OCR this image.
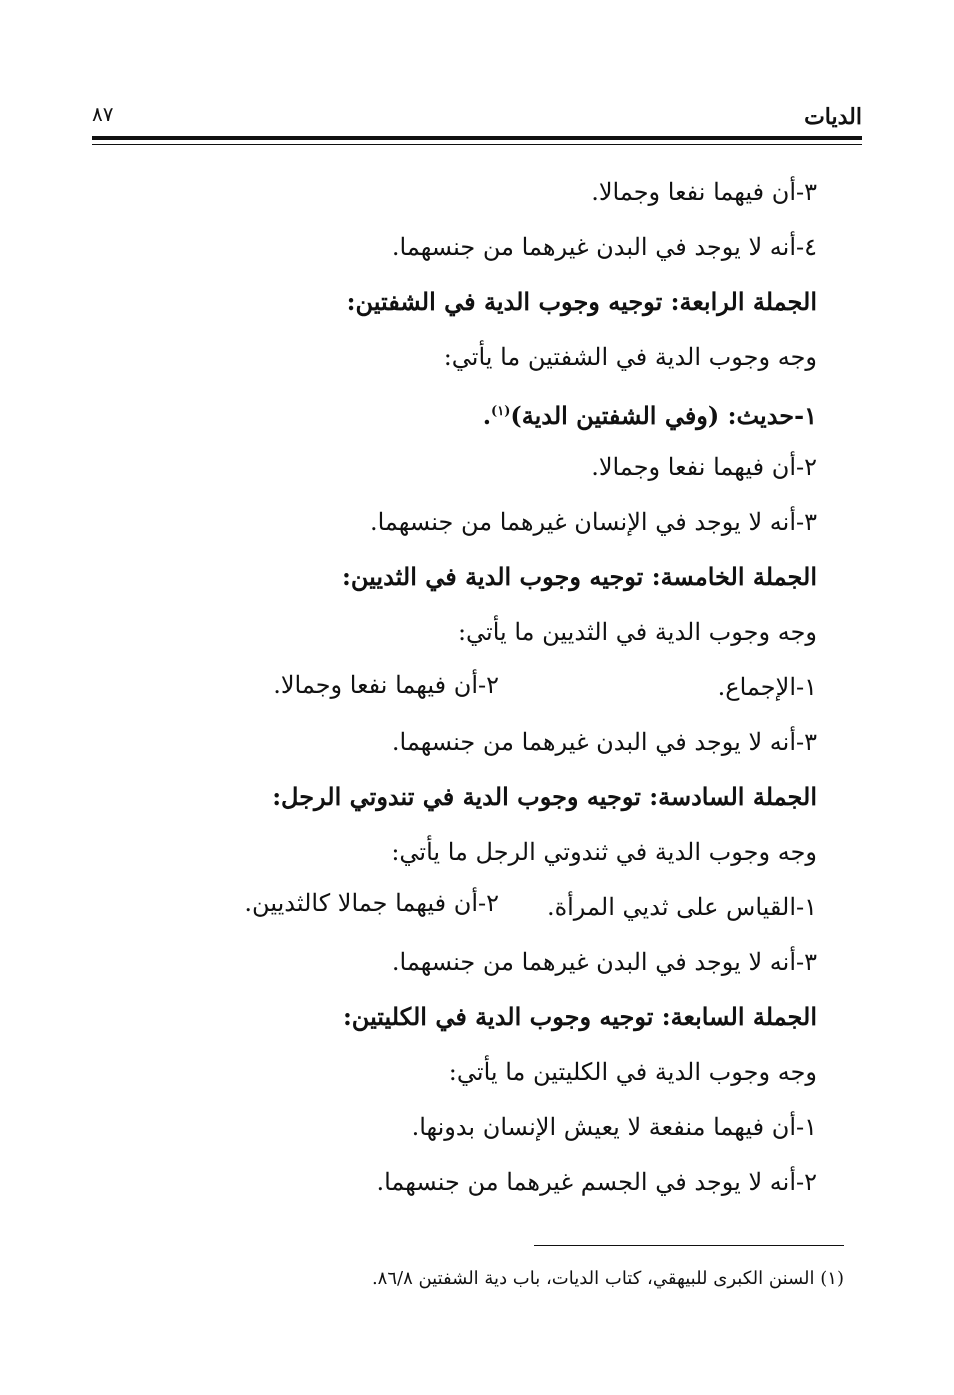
الديات
٨٧
٣-أن فيهما نفعا وجمالا.
٤-أنه لا يوجد في البدن غيرهما من جنسهما.
الجملة الرابعة: توجيه وجوب الدية في الشفتين:
وجه وجوب الدية في الشفتين ما يأتي:
١-حديث: (وفي الشفتين الدية)$^{(١)}$.
٢-أن فيهما نفعا وجمالا.
٣-أنه لا يوجد في الإنسان غيرهما من جنسهما.
الجملة الخامسة: توجيه وجوب الدية في الثديين:
وجه وجوب الدية في الثديين ما يأتي:
١-الإجماع.
٢-أن فيهما نفعا وجمالا.
٣-أنه لا يوجد في البدن غيرهما من جنسهما.
الجملة السادسة: توجيه وجوب الدية في تندوتي الرجل:
وجه وجوب الدية في ثندوتي الرجل ما يأتي:
١-القياس على ثديي المرأة.
٢-أن فيهما جمالا كالثديين.
٣-أنه لا يوجد في البدن غيرهما من جنسهما.
الجملة السابعة: توجيه وجوب الدية في الكليتين:
وجه وجوب الدية في الكليتين ما يأتي:
١-أن فيهما منفعة لا يعيش الإنسان بدونها.
٢-أنه لا يوجد في الجسم غيرهما من جنسهما.
(١) السنن الكبرى للبيهقي، كتاب الديات، باب دية الشفتين ٨٦/٨.
